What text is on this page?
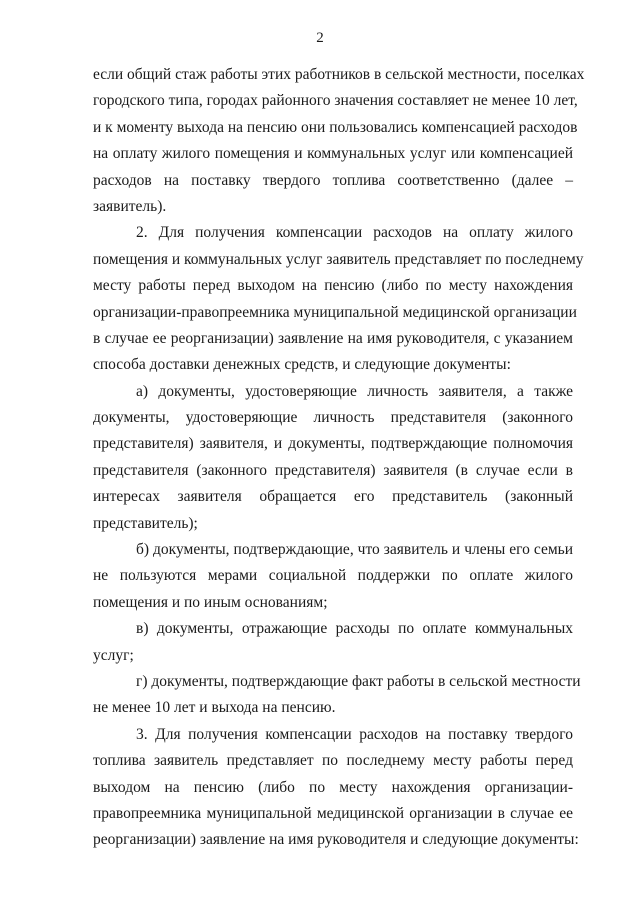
2
если общий стаж работы этих работников в сельской местности, поселках
городского типа, городах районного значения составляет не менее 10 лет,
и к моменту выхода на пенсию они пользовались компенсацией расходов
на оплату жилого помещения и коммунальных услуг или компенсацией
расходов на поставку твердого топлива соответственно (далее –
заявитель).
2. Для получения компенсации расходов на оплату жилого
помещения и коммунальных услуг заявитель представляет по последнему
месту работы перед выходом на пенсию (либо по месту нахождения
организации-правопреемника муниципальной медицинской организации
в случае ее реорганизации) заявление на имя руководителя, с указанием
способа доставки денежных средств, и следующие документы:
а) документы, удостоверяющие личность заявителя, а также
документы, удостоверяющие личность представителя (законного
представителя) заявителя, и документы, подтверждающие полномочия
представителя (законного представителя) заявителя (в случае если в
интересах заявителя обращается его представитель (законный
представитель);
б) документы, подтверждающие, что заявитель и члены его семьи
не пользуются мерами социальной поддержки по оплате жилого
помещения и по иным основаниям;
в) документы, отражающие расходы по оплате коммунальных
услуг;
г) документы, подтверждающие факт работы в сельской местности
не менее 10 лет и выхода на пенсию.
3. Для получения компенсации расходов на поставку твердого
топлива заявитель представляет по последнему месту работы перед
выходом на пенсию (либо по месту нахождения организации-
правопреемника муниципальной медицинской организации в случае ее
реорганизации) заявление на имя руководителя и следующие документы:
